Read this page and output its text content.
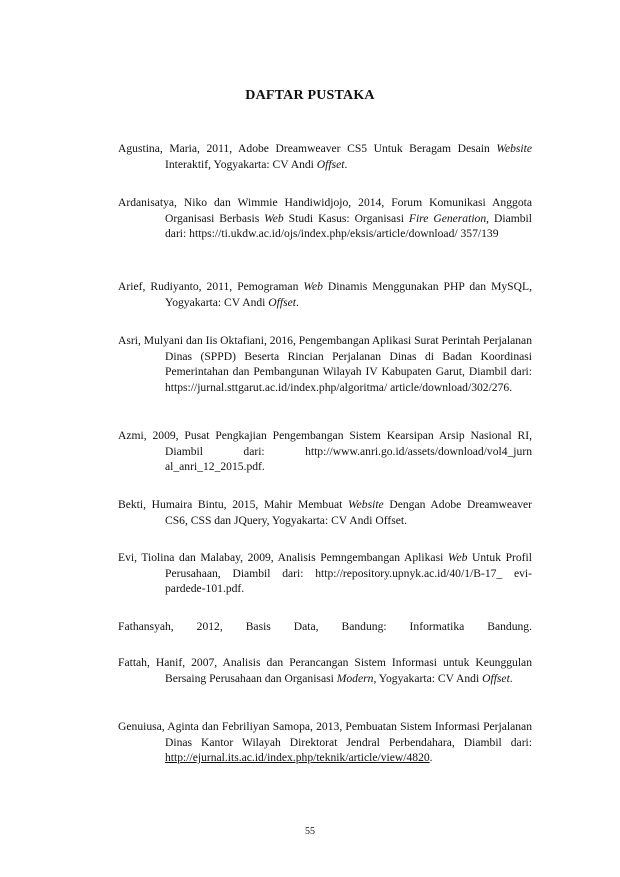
DAFTAR PUSTAKA
Agustina, Maria, 2011, Adobe Dreamweaver CS5 Untuk Beragam Desain Website Interaktif, Yogyakarta: CV Andi Offset.
Ardanisatya, Niko dan Wimmie Handiwidjojo, 2014, Forum Komunikasi Anggota Organisasi Berbasis Web Studi Kasus: Organisasi Fire Generation, Diambil dari: https://ti.ukdw.ac.id/ojs/index.php/eksis/article/download/ 357/139
Arief, Rudiyanto, 2011, Pemograman Web Dinamis Menggunakan PHP dan MySQL, Yogyakarta: CV Andi Offset.
Asri, Mulyani dan Iis Oktafiani, 2016, Pengembangan Aplikasi Surat Perintah Perjalanan Dinas (SPPD) Beserta Rincian Perjalanan Dinas di Badan Koordinasi Pemerintahan dan Pembangunan Wilayah IV Kabupaten Garut, Diambil dari: https://jurnal.sttgarut.ac.id/index.php/algoritma/ article/download/302/276.
Azmi, 2009, Pusat Pengkajian Pengembangan Sistem Kearsipan Arsip Nasional RI, Diambil dari: http://www.anri.go.id/assets/download/vol4_jurn al_anri_12_2015.pdf.
Bekti, Humaira Bintu, 2015, Mahir Membuat Website Dengan Adobe Dreamweaver CS6, CSS dan JQuery, Yogyakarta: CV Andi Offset.
Evi, Tiolina dan Malabay, 2009, Analisis Pemngembangan Aplikasi Web Untuk Profil Perusahaan, Diambil dari: http://repository.upnyk.ac.id/40/1/B-17_ evi-pardede-101.pdf.
Fathansyah, 2012, Basis Data, Bandung: Informatika Bandung.
Fattah, Hanif, 2007, Analisis dan Perancangan Sistem Informasi untuk Keunggulan Bersaing Perusahaan dan Organisasi Modern, Yogyakarta: CV Andi Offset.
Genuiusa, Aginta dan Febriliyan Samopa, 2013, Pembuatan Sistem Informasi Perjalanan Dinas Kantor Wilayah Direktorat Jendral Perbendahara, Diambil dari: http://ejurnal.its.ac.id/index.php/teknik/article/view/4820.
55
